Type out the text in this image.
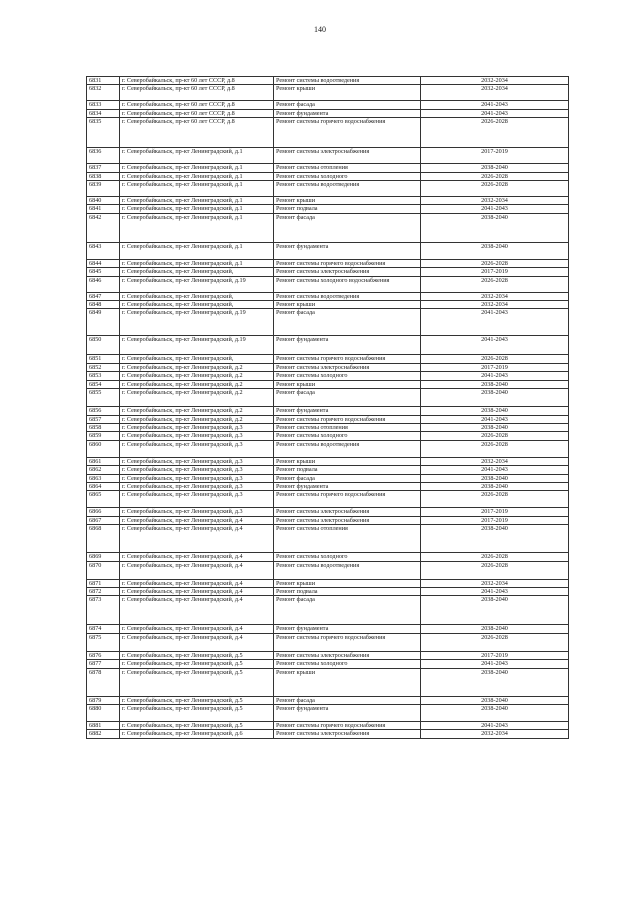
140
6831	г. Северобайкальск, пр-кт 60 лет СССР, д.8	Ремонт системы водоотведения	2032-2034
6832	г. Северобайкальск, пр-кт 60 лет СССР, д.8	Ремонт крыши	2032-2034
6833	г. Северобайкальск, пр-кт 60 лет СССР, д.8	Ремонт фасада	2041-2043
6834	г. Северобайкальск, пр-кт 60 лет СССР, д.8	Ремонт фундамента	2041-2043
6835	г. Северобайкальск, пр-кт 60 лет СССР, д.8	Ремонт системы горячего водоснабжения	2026-2028
6836	г. Северобайкальск, пр-кт Ленинградский, д.1	Ремонт системы электроснабжения	2017-2019
6837	г. Северобайкальск, пр-кт Ленинградский, д.1	Ремонт системы отопления	2038-2040
6838	г. Северобайкальск, пр-кт Ленинградский, д.1	Ремонт системы холодного	2026-2028
6839	г. Северобайкальск, пр-кт Ленинградский, д.1	Ремонт системы водоотведения	2026-2028
6840	г. Северобайкальск, пр-кт Ленинградский, д.1	Ремонт крыши	2032-2034
6841	г. Северобайкальск, пр-кт Ленинградский, д.1	Ремонт подвала	2041-2043
6842	г. Северобайкальск, пр-кт Ленинградский, д.1	Ремонт фасада	2038-2040
6843	г. Северобайкальск, пр-кт Ленинградский, д.1	Ремонт фундамента	2038-2040
6844	г. Северобайкальск, пр-кт Ленинградский, д.1	Ремонт системы горячего водоснабжения	2026-2028
6845	г. Северобайкальск, пр-кт Ленинградский,	Ремонт системы электроснабжения	2017-2019
6846	г. Северобайкальск, пр-кт Ленинградский, д.19	Ремонт системы холодного водоснабжения	2026-2028
6847	г. Северобайкальск, пр-кт Ленинградский,	Ремонт системы водоотведения	2032-2034
6848	г. Северобайкальск, пр-кт Ленинградский,	Ремонт крыши	2032-2034
6849	г. Северобайкальск, пр-кт Ленинградский, д.19	Ремонт фасада	2041-2043
6850	г. Северобайкальск, пр-кт Ленинградский, д.19	Ремонт фундамента	2041-2043
6851	г. Северобайкальск, пр-кт Ленинградский,	Ремонт системы горячего водоснабжения	2026-2028
6852	г. Северобайкальск, пр-кт Ленинградский, д.2	Ремонт системы электроснабжения	2017-2019
6853	г. Северобайкальск, пр-кт Ленинградский, д.2	Ремонт системы холодного	2041-2043
6854	г. Северобайкальск, пр-кт Ленинградский, д.2	Ремонт крыши	2038-2040
6855	г. Северобайкальск, пр-кт Ленинградский, д.2	Ремонт фасада	2038-2040
6856	г. Северобайкальск, пр-кт Ленинградский, д.2	Ремонт фундамента	2038-2040
6857	г. Северобайкальск, пр-кт Ленинградский, д.2	Ремонт системы горячего водоснабжения	2041-2043
6858	г. Северобайкальск, пр-кт Ленинградский, д.3	Ремонт системы отопления	2038-2040
6859	г. Северобайкальск, пр-кт Ленинградский, д.3	Ремонт системы холодного	2026-2028
6860	г. Северобайкальск, пр-кт Ленинградский, д.3	Ремонт системы водоотведения	2026-2028
6861	г. Северобайкальск, пр-кт Ленинградский, д.3	Ремонт крыши	2032-2034
6862	г. Северобайкальск, пр-кт Ленинградский, д.3	Ремонт подвала	2041-2043
6863	г. Северобайкальск, пр-кт Ленинградский, д.3	Ремонт фасада	2038-2040
6864	г. Северобайкальск, пр-кт Ленинградский, д.3	Ремонт фундамента	2038-2040
6865	г. Северобайкальск, пр-кт Ленинградский, д.3	Ремонт системы горячего водоснабжения	2026-2028
6866	г. Северобайкальск, пр-кт Ленинградский, д.3	Ремонт системы электроснабжения	2017-2019
6867	г. Северобайкальск, пр-кт Ленинградский, д.4	Ремонт системы электроснабжения	2017-2019
6868	г. Северобайкальск, пр-кт Ленинградский, д.4	Ремонт системы отопления	2038-2040
6869	г. Северобайкальск, пр-кт Ленинградский, д.4	Ремонт системы холодного	2026-2028
6870	г. Северобайкальск, пр-кт Ленинградский, д.4	Ремонт системы водоотведения	2026-2028
6871	г. Северобайкальск, пр-кт Ленинградский, д.4	Ремонт крыши	2032-2034
6872	г. Северобайкальск, пр-кт Ленинградский, д.4	Ремонт подвала	2041-2043
6873	г. Северобайкальск, пр-кт Ленинградский, д.4	Ремонт фасада	2038-2040
6874	г. Северобайкальск, пр-кт Ленинградский, д.4	Ремонт фундамента	2038-2040
6875	г. Северобайкальск, пр-кт Ленинградский, д.4	Ремонт системы горячего водоснабжения	2026-2028
6876	г. Северобайкальск, пр-кт Ленинградский, д.5	Ремонт системы электроснабжения	2017-2019
6877	г. Северобайкальск, пр-кт Ленинградский, д.5	Ремонт системы холодного	2041-2043
6878	г. Северобайкальск, пр-кт Ленинградский, д.5	Ремонт крыши	2038-2040
6879	г. Северобайкальск, пр-кт Ленинградский, д.5	Ремонт фасада	2038-2040
6880	г. Северобайкальск, пр-кт Ленинградский, д.5	Ремонт фундамента	2038-2040
6881	г. Северобайкальск, пр-кт Ленинградский, д.5	Ремонт системы горячего водоснабжения	2041-2043
6882	г. Северобайкальск, пр-кт Ленинградский, д.6	Ремонт системы электроснабжения	2032-2034
